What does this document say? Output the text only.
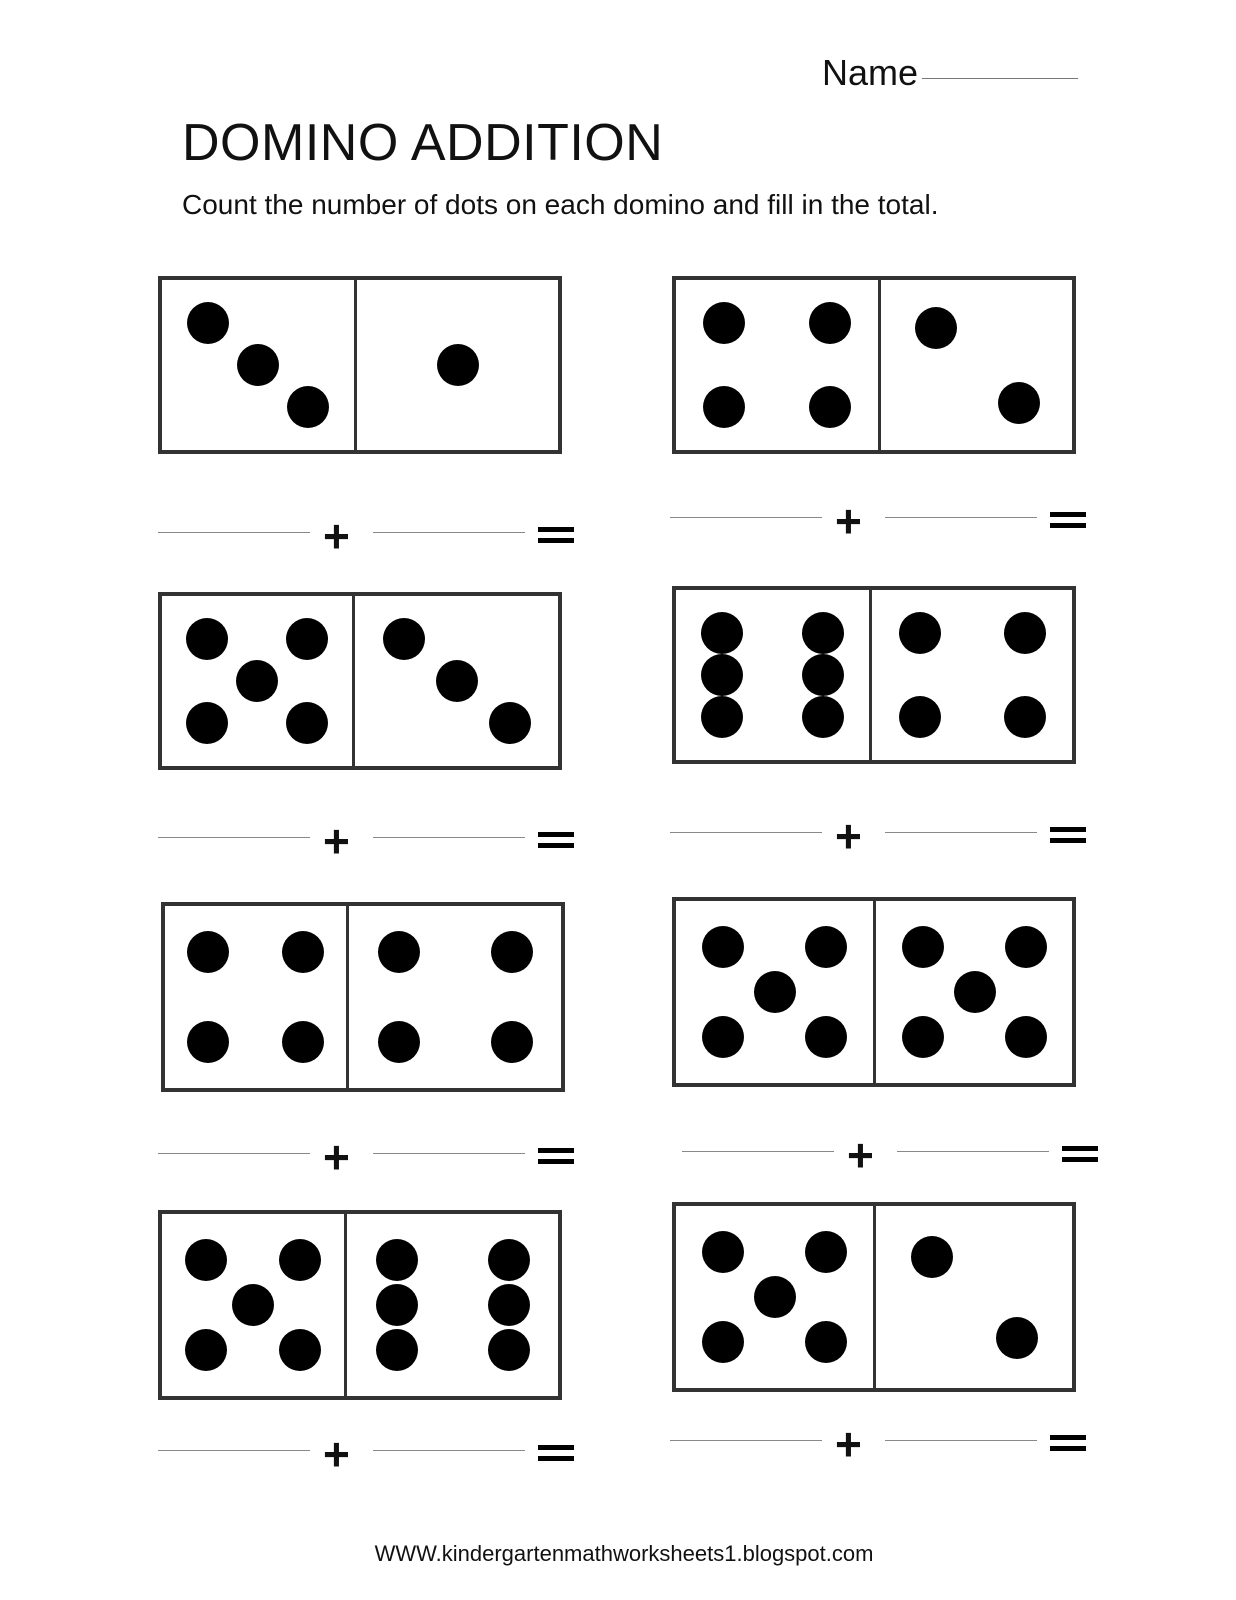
Name
DOMINO ADDITION
Count the number of dots on each domino and fill in the total.
+	+
+	+
+	+
+	+
WWW.kindergartenmathworksheets1.blogspot.com
